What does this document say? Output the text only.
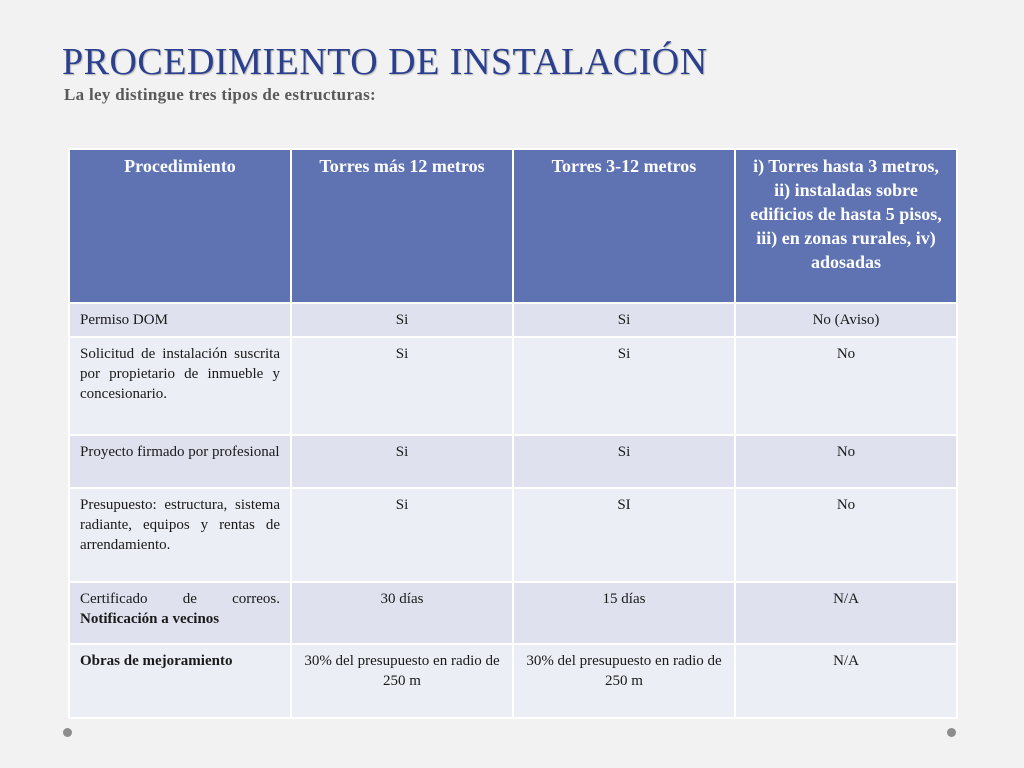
PROCEDIMIENTO DE INSTALACIÓN

La ley distingue tres tipos de estructuras:

Procedimiento	Torres más 12 metros	Torres 3-12 metros	i) Torres hasta 3 metros, ii) instaladas sobre edificios de hasta 5 pisos, iii) en zonas rurales, iv) adosadas
Permiso DOM	Si	Si	No (Aviso)
Solicitud de instalación suscrita por propietario de inmueble y concesionario.	Si	Si	No
Proyecto firmado por profesional	Si	Si	No
Presupuesto: estructura, sistema radiante, equipos y rentas de arrendamiento.	Si	SI	No
Certificado de correos. Notificación a vecinos	30 días	15 días	N/A
Obras de mejoramiento	30% del presupuesto en radio de 250 m	30% del presupuesto en radio de 250 m	N/A
